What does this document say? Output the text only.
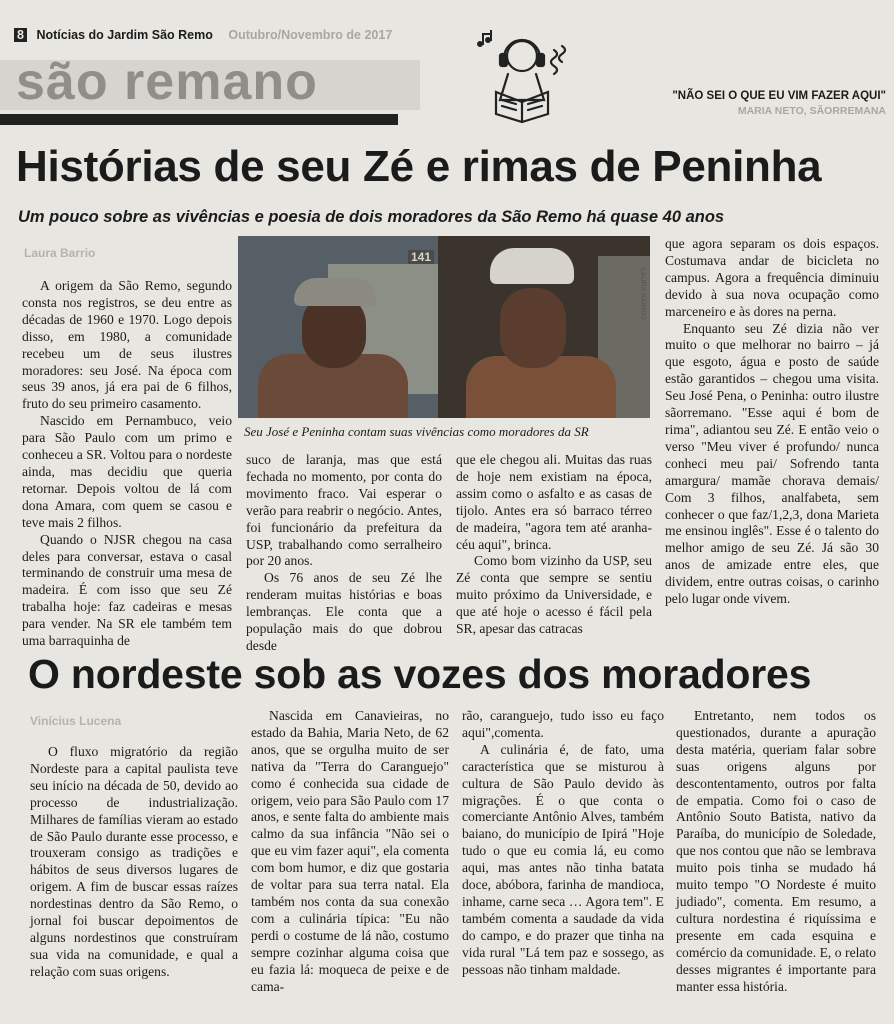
8 Notícias do Jardim São Remo Outubro/Novembro de 2017
são remano	"NÃO SEI O QUE EU VIM FAZER AQUI"
MARIA NETO, SÃORREMANA
Histórias de seu Zé e rimas de Peninha
Um pouco sobre as vivências e poesia de dois moradores da São Remo há quase 40 anos
Laura Barrio

A origem da São Remo, segundo consta nos registros, se deu entre as décadas de 1960 e 1970. Logo depois disso, em 1980, a comunidade recebeu um de seus ilustres moradores: seu José. Na época com seus 39 anos, já era pai de 6 filhos, fruto do seu primeiro casamento.

Nascido em Pernambuco, veio para São Paulo com um primo e conheceu a SR. Voltou para o nordeste ainda, mas decidiu que queria retornar. Depois voltou de lá com dona Amara, com quem se casou e teve mais 2 filhos.

Quando o NJSR chegou na casa deles para conversar, estava o casal terminando de construir uma mesa de madeira. É com isso que seu Zé trabalha hoje: faz cadeiras e mesas para vender. Na SR ele também tem uma barraquinha de

141
LAURA BARRIO
Seu José e Peninha contam suas vivências como moradores da SR

suco de laranja, mas que está fechada no momento, por conta do movimento fraco. Vai esperar o verão para reabrir o negócio. Antes, foi funcionário da prefeitura da USP, trabalhando como serralheiro por 20 anos.

Os 76 anos de seu Zé lhe renderam muitas histórias e boas lembranças. Ele conta que a população mais do que dobrou desde

que ele chegou ali. Muitas das ruas de hoje nem existiam na época, assim como o asfalto e as casas de tijolo. Antes era só barraco térreo de madeira, "agora tem até aranha-céu aqui", brinca.

Como bom vizinho da USP, seu Zé conta que sempre se sentiu muito próximo da Universidade, e que até hoje o acesso é fácil pela SR, apesar das catracas

que agora separam os dois espaços. Costumava andar de bicicleta no campus. Agora a frequência diminuiu devido à sua nova ocupação como marceneiro e às dores na perna.

Enquanto seu Zé dizia não ver muito o que melhorar no bairro – já que esgoto, água e posto de saúde estão garantidos – chegou uma visita. Seu José Pena, o Peninha: outro ilustre sãorremano. "Esse aqui é bom de rima", adiantou seu Zé. E então veio o verso "Meu viver é profundo/ nunca conheci meu pai/ Sofrendo tanta amargura/ mamãe chorava demais/ Com 3 filhos, analfabeta, sem conhecer o que faz/1,2,3, dona Marieta me ensinou inglês". Esse é o talento do melhor amigo de seu Zé. Já são 30 anos de amizade entre eles, que dividem, entre outras coisas, o carinho pelo lugar onde vivem.

O nordeste sob as vozes dos moradores
Vinícius Lucena

O fluxo migratório da região Nordeste para a capital paulista teve seu início na década de 50, devido ao processo de industrialização. Milhares de famílias vieram ao estado de São Paulo durante esse processo, e trouxeram consigo as tradições e hábitos de seus diversos lugares de origem. A fim de buscar essas raízes nordestinas dentro da São Remo, o jornal foi buscar depoimentos de alguns nordestinos que construíram sua vida na comunidade, e qual a relação com suas origens.

Nascida em Canavieiras, no estado da Bahia, Maria Neto, de 62 anos, que se orgulha muito de ser nativa da "Terra do Caranguejo" como é conhecida sua cidade de origem, veio para São Paulo com 17 anos, e sente falta do ambiente mais calmo da sua infância "Não sei o que eu vim fazer aqui", ela comenta com bom humor, e diz que gostaria de voltar para sua terra natal. Ela também nos conta da sua conexão com a culinária típica: "Eu não perdi o costume de lá não, costumo sempre cozinhar alguma coisa que eu fazia lá: moqueca de peixe e de cama-

rão, caranguejo, tudo isso eu faço aqui",comenta.

A culinária é, de fato, uma característica que se misturou à cultura de São Paulo devido às migrações. É o que conta o comerciante Antônio Alves, também baiano, do município de Ipirá "Hoje tudo o que eu comia lá, eu como aqui, mas antes não tinha batata doce, abóbora, farinha de mandioca, inhame, carne seca … Agora tem". E também comenta a saudade da vida do campo, e do prazer que tinha na vida rural "Lá tem paz e sossego, as pessoas não tinham maldade.

Entretanto, nem todos os questionados, durante a apuração desta matéria, queriam falar sobre suas origens alguns por descontentamento, outros por falta de empatia. Como foi o caso de Antônio Souto Batista, nativo da Paraíba, do município de Soledade, que nos contou que não se lembrava muito pois tinha se mudado há muito tempo "O Nordeste é muito judiado", comenta. Em resumo, a cultura nordestina é riquíssima e presente em cada esquina e comércio da comunidade. E, o relato desses migrantes é importante para manter essa história.
